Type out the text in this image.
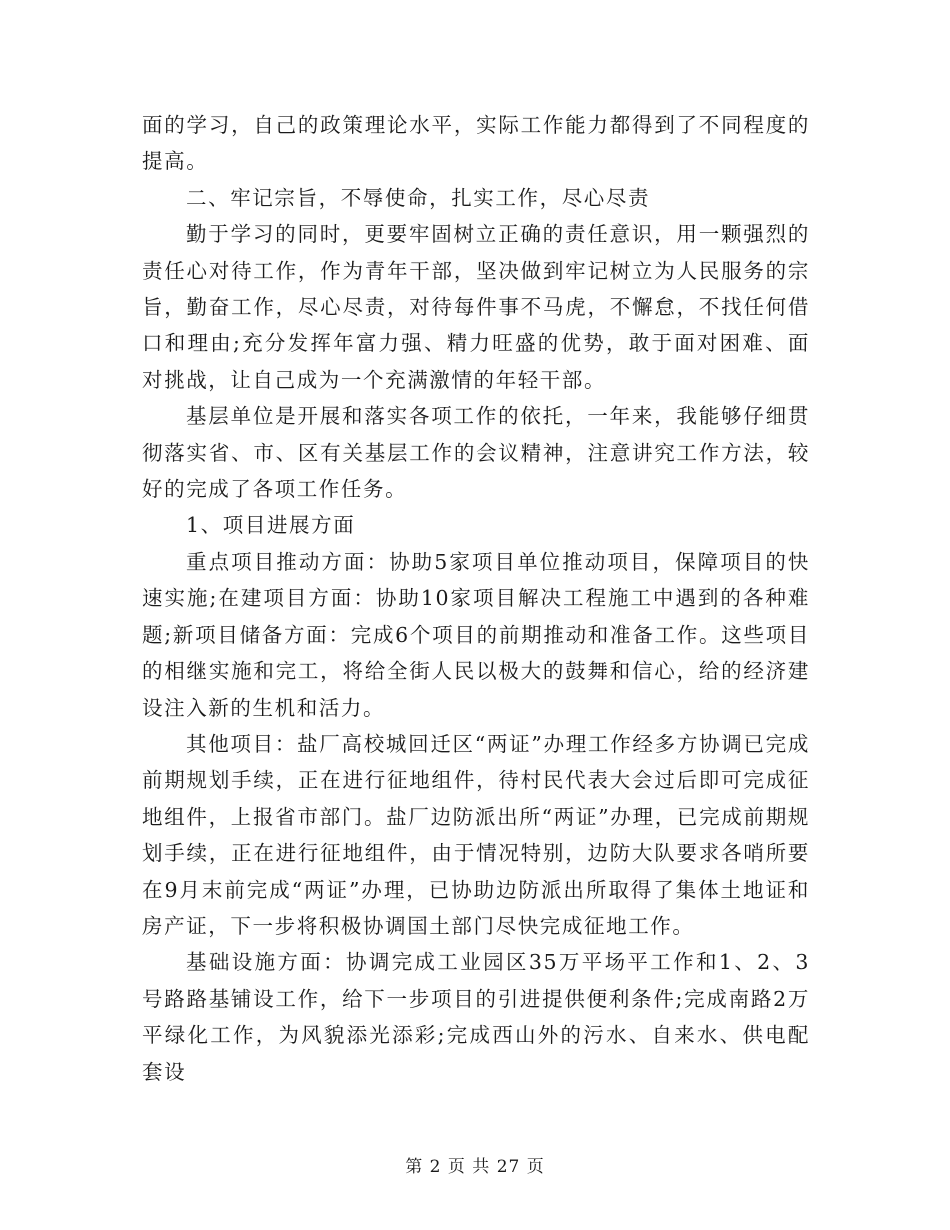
面的学习，自己的政策理论水平，实际工作能力都得到了不同程度的提高。

二、牢记宗旨，不辱使命，扎实工作，尽心尽责

勤于学习的同时，更要牢固树立正确的责任意识，用一颗强烈的责任心对待工作，作为青年干部，坚决做到牢记树立为人民服务的宗旨，勤奋工作，尽心尽责，对待每件事不马虎，不懈怠，不找任何借口和理由;充分发挥年富力强、精力旺盛的优势，敢于面对困难、面对挑战，让自己成为一个充满激情的年轻干部。

基层单位是开展和落实各项工作的依托，一年来，我能够仔细贯彻落实省、市、区有关基层工作的会议精神，注意讲究工作方法，较好的完成了各项工作任务。

1、项目进展方面

重点项目推动方面：协助5家项目单位推动项目，保障项目的快速实施;在建项目方面：协助10家项目解决工程施工中遇到的各种难题;新项目储备方面：完成6个项目的前期推动和准备工作。这些项目的相继实施和完工，将给全街人民以极大的鼓舞和信心，给的经济建设注入新的生机和活力。

其他项目：盐厂高校城回迁区“两证”办理工作经多方协调已完成前期规划手续，正在进行征地组件，待村民代表大会过后即可完成征地组件，上报省市部门。盐厂边防派出所“两证”办理，已完成前期规划手续，正在进行征地组件，由于情况特别，边防大队要求各哨所要在9月末前完成“两证”办理，已协助边防派出所取得了集体土地证和房产证，下一步将积极协调国土部门尽快完成征地工作。

基础设施方面：协调完成工业园区35万平场平工作和1、2、3号路路基铺设工作，给下一步项目的引进提供便利条件;完成南路2万平绿化工作，为风貌添光添彩;完成西山外的污水、自来水、供电配套设

第 2 页 共 27 页
